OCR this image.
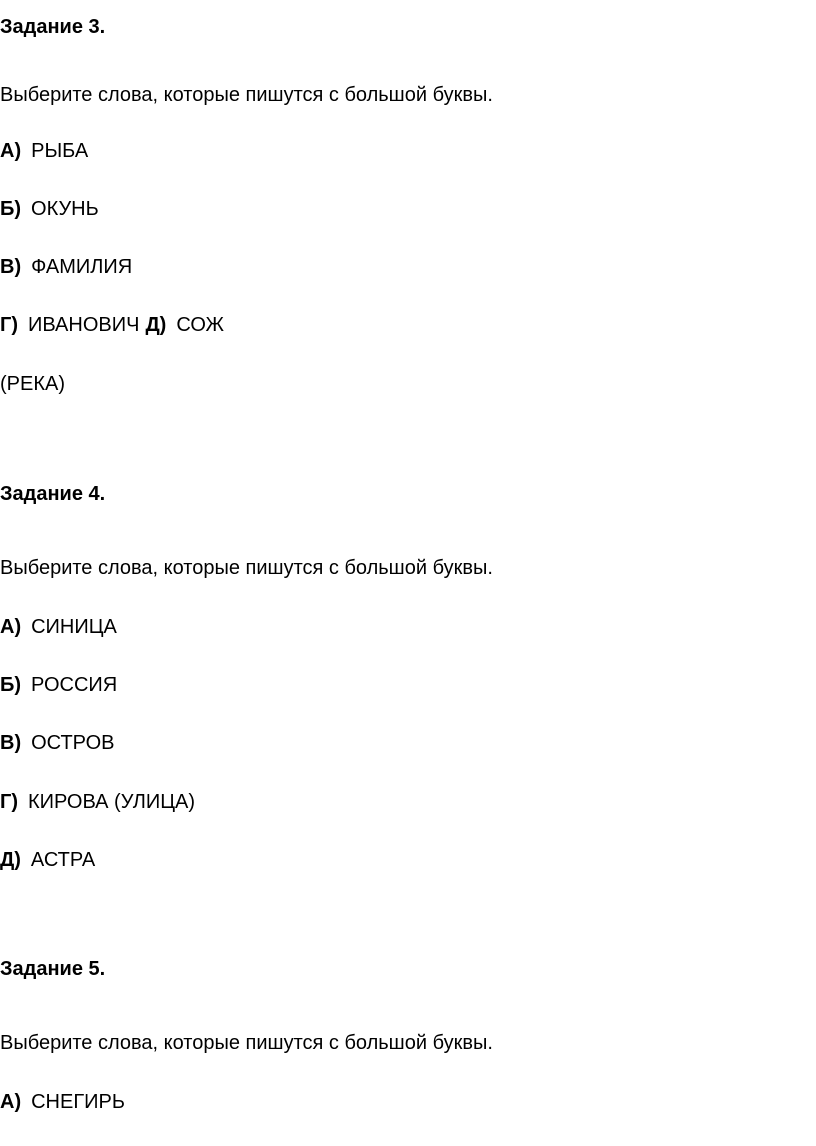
Задание 3.
Выберите слова, которые пишутся с большой буквы.
А) РЫБА
Б) ОКУНЬ
В) ФАМИЛИЯ
Г) ИВАНОВИЧ Д) СОЖ
(РЕКА)
Задание 4.
Выберите слова, которые пишутся с большой буквы.
А) СИНИЦА
Б) РОССИЯ
В) ОСТРОВ
Г) КИРОВА (УЛИЦА)
Д) АСТРА
Задание 5.
Выберите слова, которые пишутся с большой буквы.
А) СНЕГИРЬ
